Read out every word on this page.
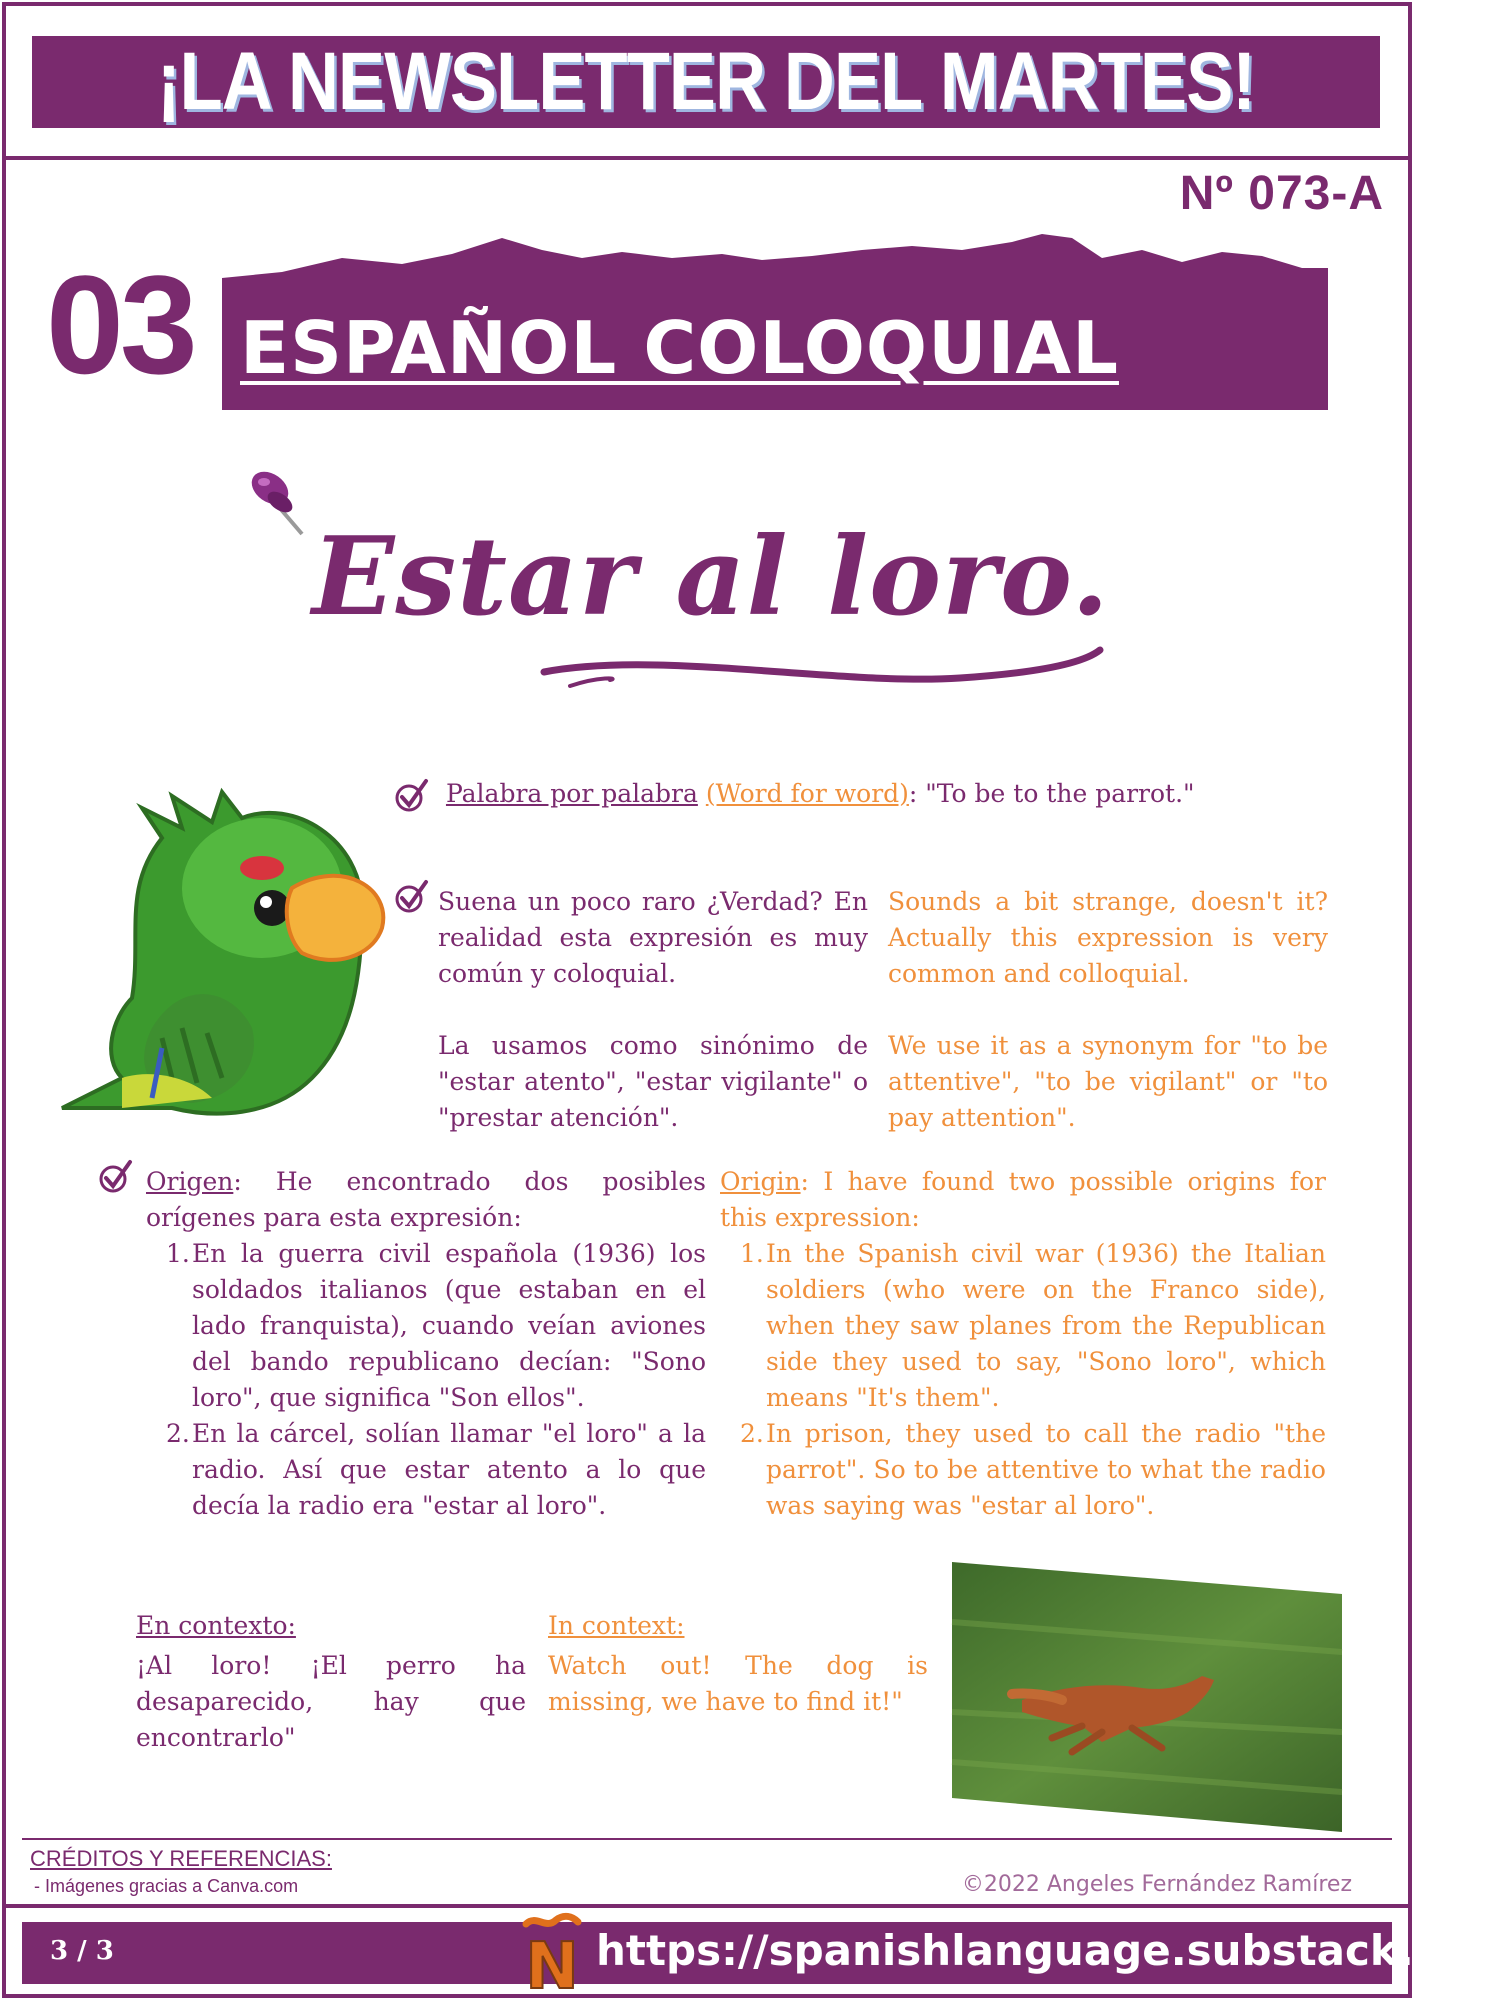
¡LA NEWSLETTER DEL MARTES!
Nº 073-A
03 ESPAÑOL COLOQUIAL
Estar al loro.
Palabra por palabra (Word for word): "To be to the parrot."

Suena un poco raro ¿Verdad? En realidad esta expresión es muy común y coloquial.

La usamos como sinónimo de "estar atento", "estar vigilante" o "prestar atención".

Sounds a bit strange, doesn't it? Actually this expression is very common and colloquial.

We use it as a synonym for "to be attentive", "to be vigilant" or "to pay attention".

Origen: He encontrado dos posibles orígenes para esta expresión:

1. En la guerra civil española (1936) los soldados italianos (que estaban en el lado franquista), cuando veían aviones del bando republicano decían: "Sono loro", que significa "Son ellos".
2. En la cárcel, solían llamar "el loro" a la radio. Así que estar atento a lo que decía la radio era "estar al loro".

Origin: I have found two possible origins for this expression:

1. In the Spanish civil war (1936) the Italian soldiers (who were on the Franco side), when they saw planes from the Republican side they used to say, "Sono loro", which means "It's them".
2. In prison, they used to call the radio "the parrot". So to be attentive to what the radio was saying was "estar al loro".
En contexto:

¡Al loro! ¡El perro ha desaparecido, hay que encontrarlo"

In context:

Watch out! The dog is missing, we have to find it!"

CRÉDITOS Y REFERENCIAS:
- Imágenes gracias a Canva.com	©2022 Angeles Fernández Ramírez
3 / 3	N https://spanishlanguage.substack.com
